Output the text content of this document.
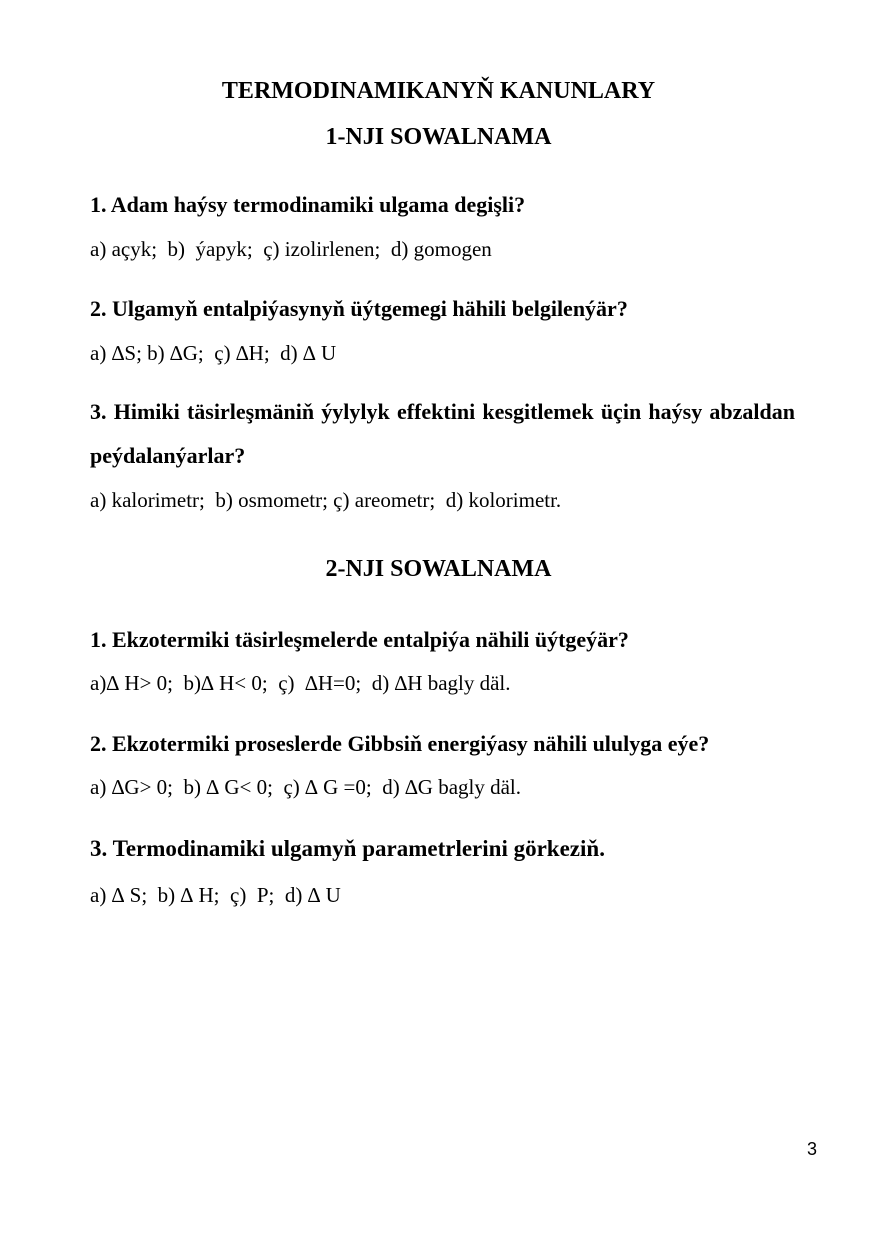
TERMODINAMIKANYŇ KANUNLARY
1-NJI SOWALNAMA

1. Adam haýsy termodinamiki ulgama degişli?

a) açyk;  b)  ýapyk;  ç) izolirlenen;  d) gomogen

2. Ulgamyň entalpiýasynyň üýtgemegi hähili belgilenýär?

a) ∆S; b) ∆G;  ç) ∆H;  d) ∆ U

3. Himiki täsirleşmäniň ýylylyk effektini kesgitlemek üçin haýsy abzaldan peýdalanýarlar?

a) kalorimetr;  b) osmometr; ç) areometr;  d) kolorimetr.

2-NJI SOWALNAMA

1. Ekzotermiki täsirleşmelerde entalpiýa nähili üýtgeýär?

a)∆ H> 0;  b)∆ H< 0;  ç)  ∆H=0;  d) ∆H bagly däl.

2. Ekzotermiki proseslerde Gibbsiň energiýasy nähili ululyga eýe?

a) ∆G> 0;  b) ∆ G< 0;  ç) ∆ G =0;  d) ∆G bagly däl.

3. Termodinamiki ulgamyň parametrlerini görkeziň.

a) ∆ S;  b) ∆ H;  ç)  P;  d) ∆ U

3
